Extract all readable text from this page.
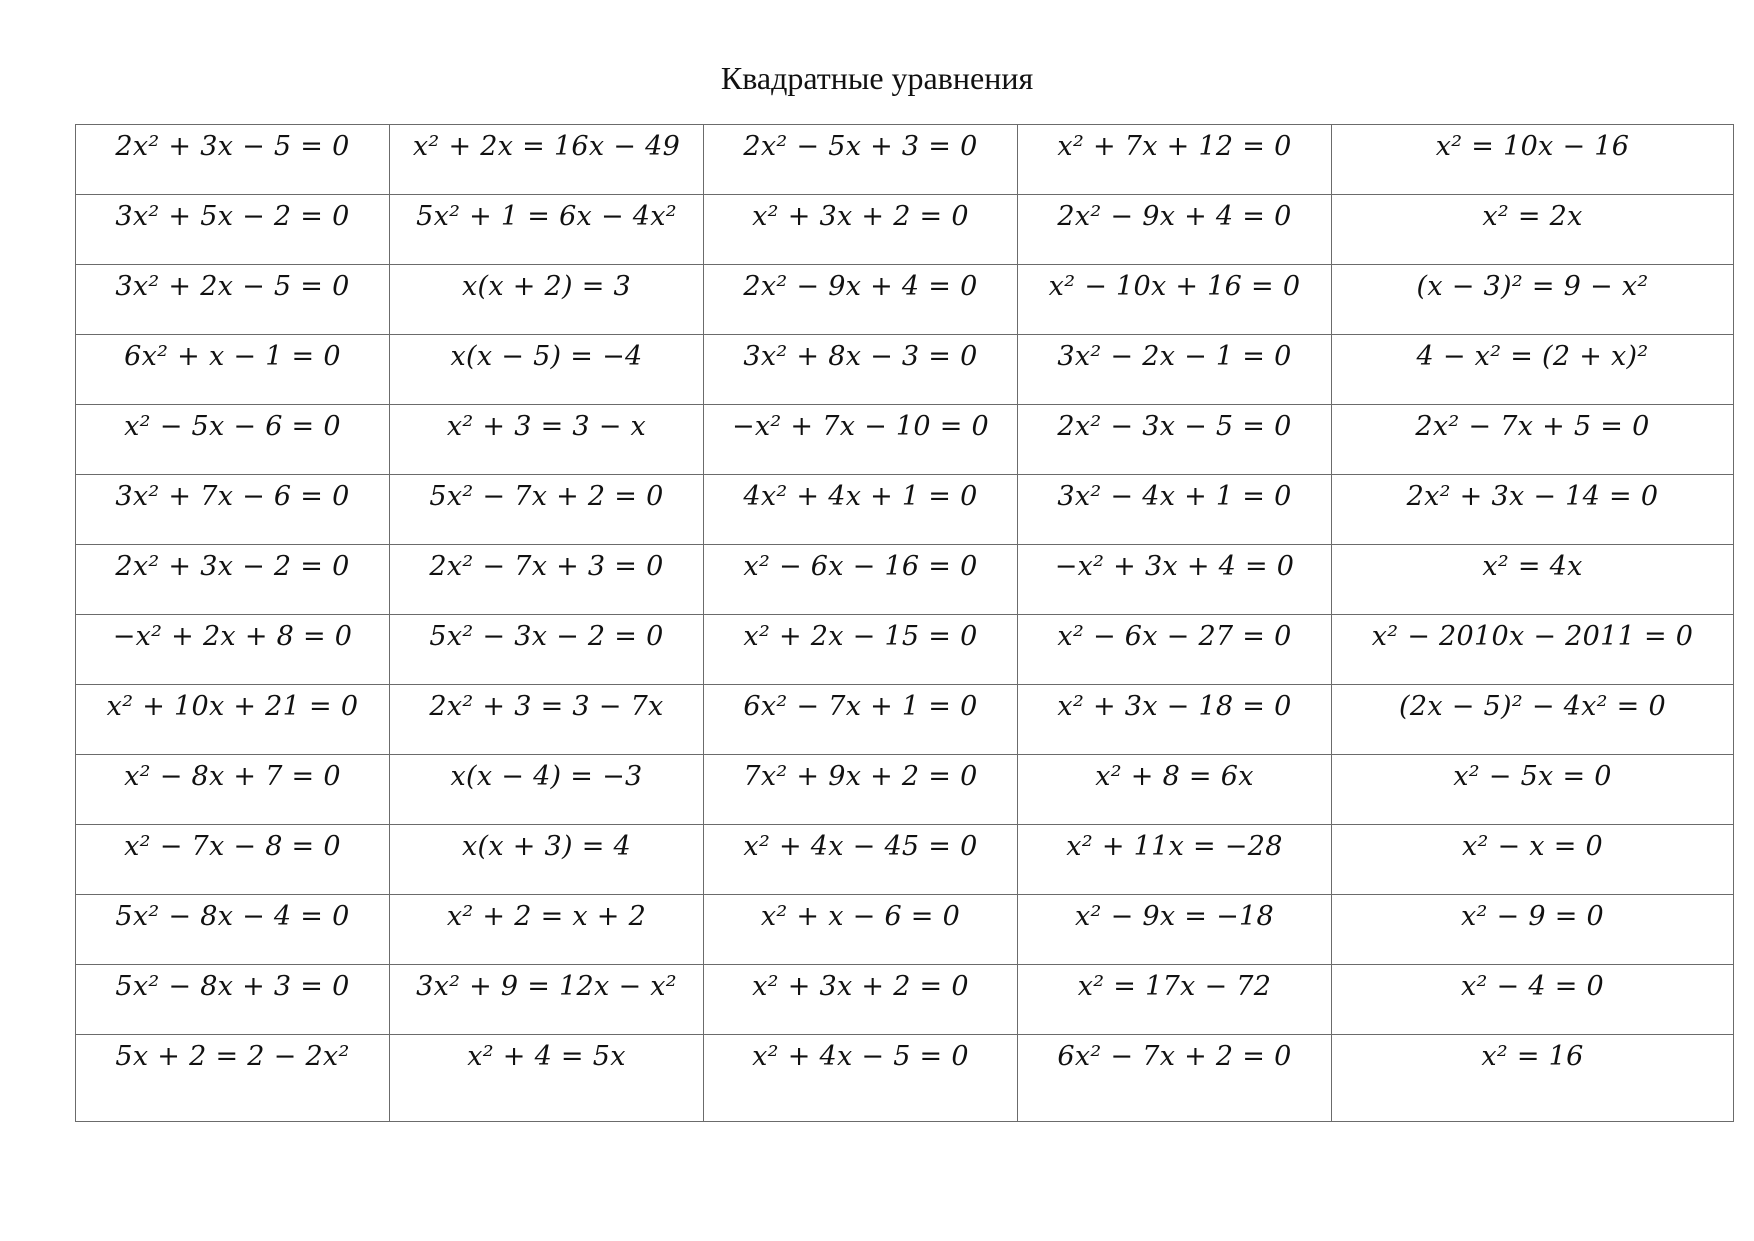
Квадратные уравнения
2x² + 3x − 5 = 0	x² + 2x = 16x − 49	2x² − 5x + 3 = 0	x² + 7x + 12 = 0	x² = 10x − 16

3x² + 5x − 2 = 0	5x² + 1 = 6x − 4x²	x² + 3x + 2 = 0	2x² − 9x + 4 = 0	x² = 2x

3x² + 2x − 5 = 0	x(x + 2) = 3	2x² − 9x + 4 = 0	x² − 10x + 16 = 0	(x − 3)² = 9 − x²

6x² + x − 1 = 0	x(x − 5) = −4	3x² + 8x − 3 = 0	3x² − 2x − 1 = 0	4 − x² = (2 + x)²

x² − 5x − 6 = 0	x² + 3 = 3 − x	−x² + 7x − 10 = 0	2x² − 3x − 5 = 0	2x² − 7x + 5 = 0

3x² + 7x − 6 = 0	5x² − 7x + 2 = 0	4x² + 4x + 1 = 0	3x² − 4x + 1 = 0	2x² + 3x − 14 = 0

2x² + 3x − 2 = 0	2x² − 7x + 3 = 0	x² − 6x − 16 = 0	−x² + 3x + 4 = 0	x² = 4x

−x² + 2x + 8 = 0	5x² − 3x − 2 = 0	x² + 2x − 15 = 0	x² − 6x − 27 = 0	x² − 2010x − 2011 = 0

x² + 10x + 21 = 0	2x² + 3 = 3 − 7x	6x² − 7x + 1 = 0	x² + 3x − 18 = 0	(2x − 5)² − 4x² = 0

x² − 8x + 7 = 0	x(x − 4) = −3	7x² + 9x + 2 = 0	x² + 8 = 6x	x² − 5x = 0

x² − 7x − 8 = 0	x(x + 3) = 4	x² + 4x − 45 = 0	x² + 11x = −28	x² − x = 0

5x² − 8x − 4 = 0	x² + 2 = x + 2	x² + x − 6 = 0	x² − 9x = −18	x² − 9 = 0

5x² − 8x + 3 = 0	3x² + 9 = 12x − x²	x² + 3x + 2 = 0	x² = 17x − 72	x² − 4 = 0

5x + 2 = 2 − 2x²	x² + 4 = 5x	x² + 4x − 5 = 0	6x² − 7x + 2 = 0	x² = 16
